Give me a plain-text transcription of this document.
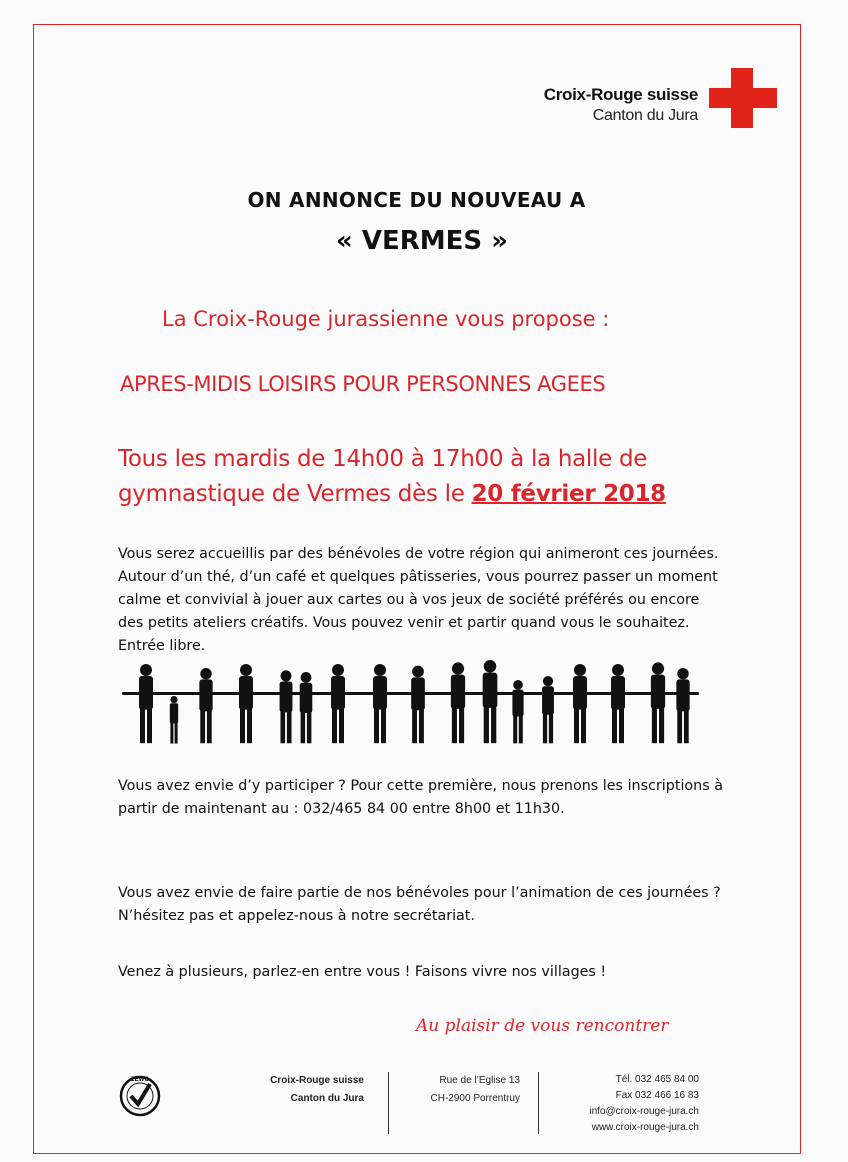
Croix-Rouge suisse
Canton du Jura
ON ANNONCE DU NOUVEAU A
« VERMES »
La Croix-Rouge jurassienne vous propose :
APRES-MIDIS LOISIRS POUR PERSONNES AGEES
Tous les mardis de 14h00 à 17h00 à la halle de
gymnastique de Vermes dès le 20 février 2018
Vous serez accueillis par des bénévoles de votre région qui animeront ces journées. Autour d’un thé, d’un café et quelques pâtisseries, vous pourrez passer un moment calme et convivial à jouer aux cartes ou à vos jeux de société préférés ou encore des petits ateliers créatifs. Vous pouvez venir et partir quand vous le souhaitez. Entrée libre.
Vous avez envie d’y participer ? Pour cette première, nous prenons les inscriptions à partir de maintenant au : 032/465 84 00 entre 8h00 et 11h30.
Vous avez envie de faire partie de nos bénévoles pour l’animation de ces journées ? N’hésitez pas et appelez-nous à notre secrétariat.
Venez à plusieurs, parlez-en entre vous ! Faisons vivre nos villages !
Au plaisir de vous rencontrer
ZEWO	Croix-Rouge suisse
Canton du Jura
Rue de l’Eglise 13
CH-2900 Porrentruy
Tél. 032 465 84 00
Fax 032 466 16 83
info@croix-rouge-jura.ch
www.croix-rouge-jura.ch
